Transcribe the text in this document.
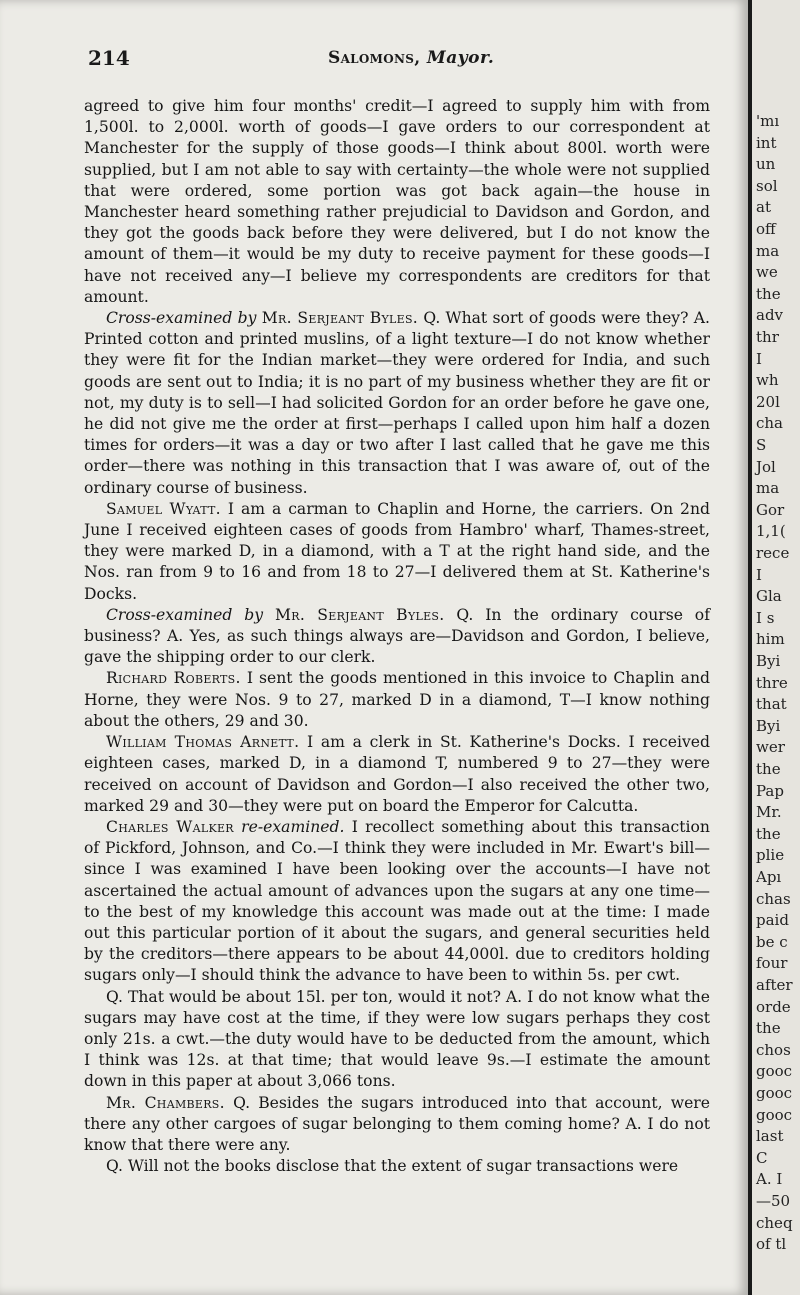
214	Salomons, Mayor.

agreed to give him four months' credit—I agreed to supply him with from 1,500l. to 2,000l. worth of goods—I gave orders to our correspondent at Manchester for the supply of those goods—I think about 800l. worth were supplied, but I am not able to say with certainty—the whole were not supplied that were ordered, some portion was got back again—the house in Manchester heard something rather prejudicial to Davidson and Gordon, and they got the goods back before they were delivered, but I do not know the amount of them—it would be my duty to receive payment for these goods—I have not received any—I believe my correspondents are creditors for that amount.

Cross-examined by Mr. Serjeant Byles. Q. What sort of goods were they? A. Printed cotton and printed muslins, of a light texture—I do not know whether they were fit for the Indian market—they were ordered for India, and such goods are sent out to India; it is no part of my business whether they are fit or not, my duty is to sell—I had solicited Gordon for an order before he gave one, he did not give me the order at first—perhaps I called upon him half a dozen times for orders—it was a day or two after I last called that he gave me this order—there was nothing in this transaction that I was aware of, out of the ordinary course of business.

Samuel Wyatt. I am a carman to Chaplin and Horne, the carriers. On 2nd June I received eighteen cases of goods from Hambro' wharf, Thames-street, they were marked D, in a diamond, with a T at the right hand side, and the Nos. ran from 9 to 16 and from 18 to 27—I delivered them at St. Katherine's Docks.

Cross-examined by Mr. Serjeant Byles. Q. In the ordinary course of business? A. Yes, as such things always are—Davidson and Gordon, I believe, gave the shipping order to our clerk.

Richard Roberts. I sent the goods mentioned in this invoice to Chaplin and Horne, they were Nos. 9 to 27, marked D in a diamond, T—I know nothing about the others, 29 and 30.

William Thomas Arnett. I am a clerk in St. Katherine's Docks. I received eighteen cases, marked D, in a diamond T, numbered 9 to 27—they were received on account of Davidson and Gordon—I also received the other two, marked 29 and 30—they were put on board the Emperor for Calcutta.

Charles Walker re-examined. I recollect something about this transaction of Pickford, Johnson, and Co.—I think they were included in Mr. Ewart's bill—since I was examined I have been looking over the accounts—I have not ascertained the actual amount of advances upon the sugars at any one time—to the best of my knowledge this account was made out at the time: I made out this particular portion of it about the sugars, and general securities held by the creditors—there appears to be about 44,000l. due to creditors holding sugars only—I should think the advance to have been to within 5s. per cwt.

Q. That would be about 15l. per ton, would it not? A. I do not know what the sugars may have cost at the time, if they were low sugars perhaps they cost only 21s. a cwt.—the duty would have to be deducted from the amount, which I think was 12s. at that time; that would leave 9s.—I estimate the amount down in this paper at about 3,066 tons.

Mr. Chambers. Q. Besides the sugars introduced into that account, were there any other cargoes of sugar belonging to them coming home? A. I do not know that there were any.

Q. Will not the books disclose that the extent of sugar transactions were

'mı
int
un
sol
at
off
ma
we
the
adv
thr
I
wh
20l
cha
S
Jol
ma
Gor
1,1(
rece
I
Gla
I s
him
Byi
thre
that
Byi
wer
the
Pap
Mr.
the
plie
Apı
chas
paid
be c
four
after
orde
the
chos
gooc
gooc
gooc
last
C
A. I
—50
cheq
of tl
